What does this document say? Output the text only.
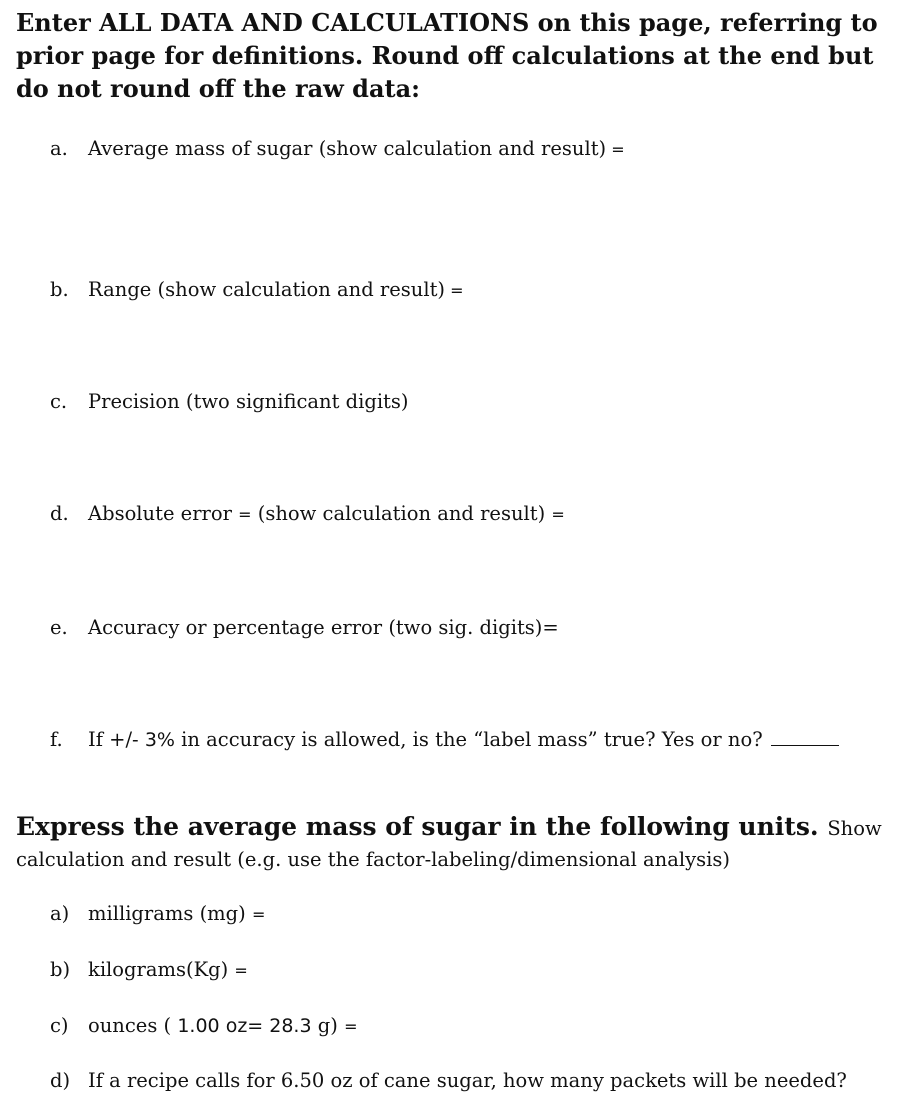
Enter ALL DATA AND CALCULATIONS on this page, referring to prior page for definitions. Round off calculations at the end but do not round off the raw data:

a. Average mass of sugar (show calculation and result) =
b. Range (show calculation and result) =
c. Precision (two significant digits)
d. Absolute error = (show calculation and result) =
e. Accuracy or percentage error (two sig. digits)=
f. If +/- 3% in accuracy is allowed, is the “label mass” true? Yes or no?
Express the average mass of sugar in the following units. Show
calculation and result (e.g. use the factor-labeling/dimensional analysis)
a) milligrams (mg) =
b) kilograms(Kg) =
c) ounces ( 1.00 oz= 28.3 g) =
d) If a recipe calls for 6.50 oz of cane sugar, how many packets will be needed?
